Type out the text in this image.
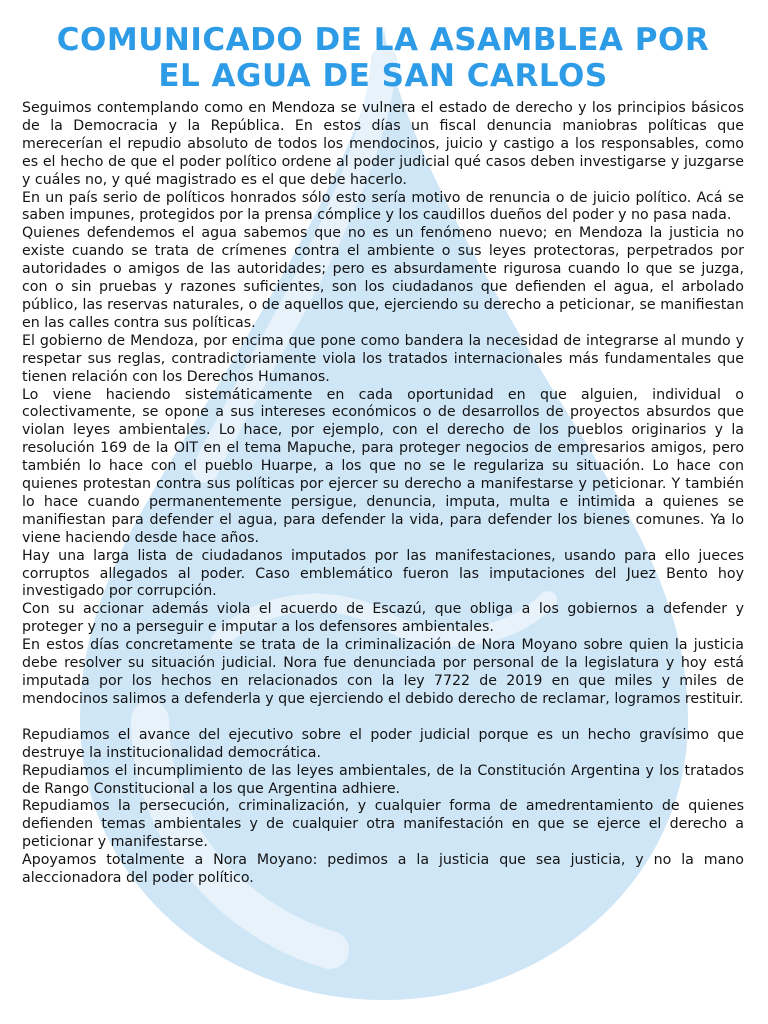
COMUNICADO DE LA ASAMBLEA POR
EL AGUA DE SAN CARLOS

Seguimos contemplando como en Mendoza se vulnera el estado de derecho y los principios básicos de la Democracia y la República. En estos días un fiscal denuncia maniobras políticas que merecerían el repudio absoluto de todos los mendocinos, juicio y castigo a los responsables, como es el hecho de que el poder político ordene al poder judicial qué casos deben investigarse y juzgarse y cuáles no, y qué magistrado es el que debe hacerlo.

En un país serio de políticos honrados sólo esto sería motivo de renuncia o de juicio político. Acá se saben impunes, protegidos por la prensa cómplice y los caudillos dueños del poder y no pasa nada.

Quienes defendemos el agua sabemos que no es un fenómeno nuevo; en Mendoza la justicia no existe cuando se trata de crímenes contra el ambiente o sus leyes protectoras, perpetrados por autoridades o amigos de las autoridades; pero es absurdamente rigurosa cuando lo que se juzga, con o sin pruebas y razones suficientes, son los ciudadanos que defienden el agua, el arbolado público, las reservas naturales, o de aquellos que, ejerciendo su derecho a peticionar, se manifiestan en las calles contra sus políticas.

El gobierno de Mendoza, por encima que pone como bandera la necesidad de integrarse al mundo y respetar sus reglas, contradictoriamente viola los tratados internacionales más fundamentales que tienen relación con los Derechos Humanos.

Lo viene haciendo sistemáticamente en cada oportunidad en que alguien, individual o colectivamente, se opone a sus intereses económicos o de desarrollos de proyectos absurdos que violan leyes ambientales. Lo hace, por ejemplo, con el derecho de los pueblos originarios y la resolución 169 de la OIT en el tema Mapuche, para proteger negocios de empresarios amigos, pero también lo hace con el pueblo Huarpe, a los que no se le regulariza su situación. Lo hace con quienes protestan contra sus políticas por ejercer su derecho a manifestarse y peticionar. Y también lo hace cuando permanentemente persigue, denuncia, imputa, multa e intimida a quienes se manifiestan para defender el agua, para defender la vida, para defender los bienes comunes. Ya lo viene haciendo desde hace años.

Hay una larga lista de ciudadanos imputados por las manifestaciones, usando para ello jueces corruptos allegados al poder. Caso emblemático fueron las imputaciones del Juez Bento hoy investigado por corrupción.

Con su accionar además viola el acuerdo de Escazú, que obliga a los gobiernos a defender y proteger y no a perseguir e imputar a los defensores ambientales.

En estos días concretamente se trata de la criminalización de Nora Moyano sobre quien la justicia debe resolver su situación judicial. Nora fue denunciada por personal de la legislatura y hoy está imputada por los hechos en relacionados con la ley 7722 de 2019 en que miles y miles de mendocinos salimos a defenderla y que ejerciendo el debido derecho de reclamar, logramos restituir.

Repudiamos el avance del ejecutivo sobre el poder judicial porque es un hecho gravísimo que destruye la institucionalidad democrática.

Repudiamos el incumplimiento de las leyes ambientales, de la Constitución Argentina y los tratados de Rango Constitucional a los que Argentina adhiere.

Repudiamos la persecución, criminalización, y cualquier forma de amedrentamiento de quienes defienden temas ambientales y de cualquier otra manifestación en que se ejerce el derecho a peticionar y manifestarse.

Apoyamos totalmente a Nora Moyano: pedimos a la justicia que sea justicia, y no la mano aleccionadora del poder político.
